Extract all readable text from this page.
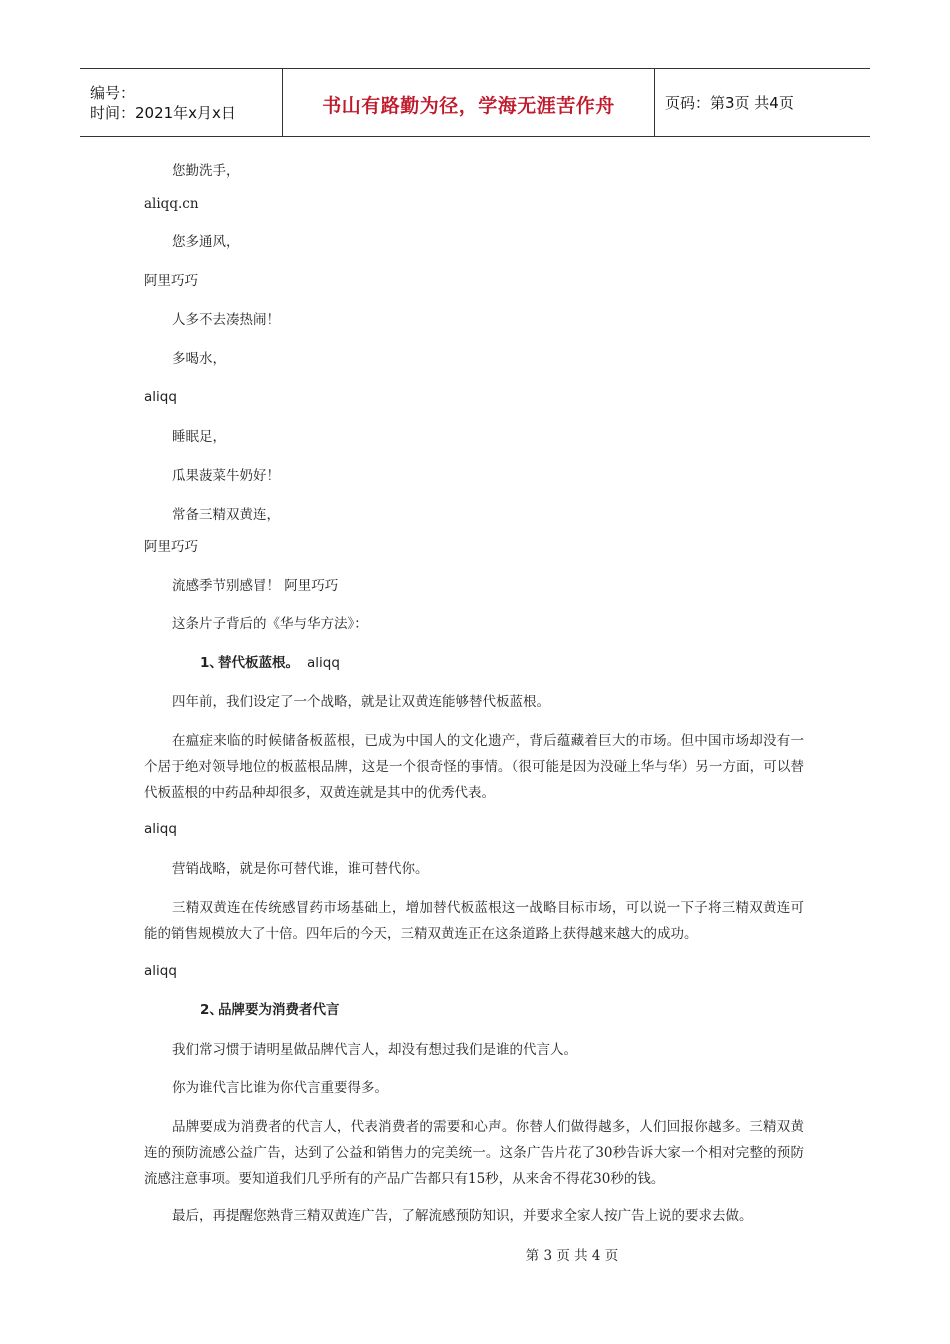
编号：
时间：2021年x月x日	书山有路勤为径，学海无涯苦作舟	页码：第3页 共4页
您勤洗手，
aliqq.cn
您多通风，
阿里巧巧
人多不去凑热闹！
多喝水，
aliqq
睡眠足，
瓜果菠菜牛奶好！
常备三精双黄连，
阿里巧巧
流感季节别感冒！ 阿里巧巧
这条片子背后的《华与华方法》：
1、替代板蓝根。 aliqq
四年前，我们设定了一个战略，就是让双黄连能够替代板蓝根。
在瘟症来临的时候储备板蓝根，已成为中国人的文化遗产，背后蕴藏着巨大的市场。但中国市场却没有一个居于绝对领导地位的板蓝根品牌，这是一个很奇怪的事情。（很可能是因为没碰上华与华）另一方面，可以替代板蓝根的中药品种却很多，双黄连就是其中的优秀代表。
aliqq
营销战略，就是你可替代谁，谁可替代你。
三精双黄连在传统感冒药市场基础上，增加替代板蓝根这一战略目标市场，可以说一下子将三精双黄连可能的销售规模放大了十倍。四年后的今天，三精双黄连正在这条道路上获得越来越大的成功。
aliqq
2、品牌要为消费者代言
我们常习惯于请明星做品牌代言人，却没有想过我们是谁的代言人。
你为谁代言比谁为你代言重要得多。
品牌要成为消费者的代言人，代表消费者的需要和心声。你替人们做得越多，人们回报你越多。三精双黄连的预防流感公益广告，达到了公益和销售力的完美统一。这条广告片花了30秒告诉大家一个相对完整的预防流感注意事项。要知道我们几乎所有的产品广告都只有15秒，从来舍不得花30秒的钱。
最后，再提醒您熟背三精双黄连广告，了解流感预防知识，并要求全家人按广告上说的要求去做。
第 3 页 共 4 页
